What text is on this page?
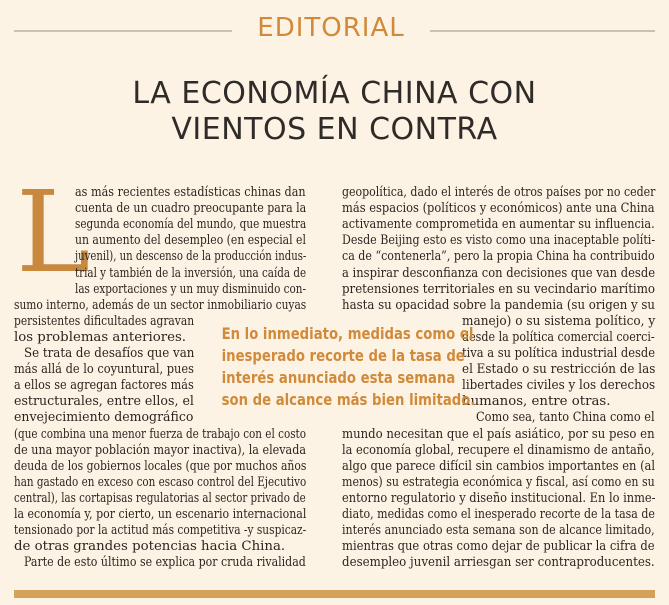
EDITORIAL
LA ECONOMÍA CHINA CON
VIENTOS EN CONTRA
L
as más recientes estadísticas chinas dan
cuenta de un cuadro preocupante para la
segunda economía del mundo, que muestra
un aumento del desempleo (en especial el
juvenil), un descenso de la producción indus-
trial y también de la inversión, una caída de
las exportaciones y un muy disminuido con-
sumo interno, además de un sector inmobiliario cuyas
persistentes dificultades agravan
los problemas anteriores.
Se trata de desafíos que van
más allá de lo coyuntural, pues
a ellos se agregan factores más
estructurales, entre ellos, el
envejecimiento demográfico
(que combina una menor fuerza de trabajo con el costo
de una mayor población mayor inactiva), la elevada
deuda de los gobiernos locales (que por muchos años
han gastado en exceso con escaso control del Ejecutivo
central), las cortapisas regulatorias al sector privado de
la economía y, por cierto, un escenario internacional
tensionado por la actitud más competitiva -y suspicaz-
de otras grandes potencias hacia China.
Parte de esto último se explica por cruda rivalidad
geopolítica, dado el interés de otros países por no ceder
más espacios (políticos y económicos) ante una China
activamente comprometida en aumentar su influencia.
Desde Beijing esto es visto como una inaceptable políti-
ca de “contenerla”, pero la propia China ha contribuido
a inspirar desconfianza con decisiones que van desde
pretensiones territoriales en su vecindario marítimo
hasta su opacidad sobre la pandemia (su origen y su
manejo) o su sistema político, y
desde la política comercial coerci-
tiva a su política industrial desde
el Estado o su restricción de las
libertades civiles y los derechos
humanos, entre otras.
Como sea, tanto China como el
mundo necesitan que el país asiático, por su peso en
la economía global, recupere el dinamismo de antaño,
algo que parece difícil sin cambios importantes en (al
menos) su estrategia económica y fiscal, así como en su
entorno regulatorio y diseño institucional. En lo inme-
diato, medidas como el inesperado recorte de la tasa de
interés anunciado esta semana son de alcance limitado,
mientras que otras como dejar de publicar la cifra de
desempleo juvenil arriesgan ser contraproducentes.
En lo inmediato, medidas como el
inesperado recorte de la tasa de
interés anunciado esta semana
son de alcance más bien limitado.
